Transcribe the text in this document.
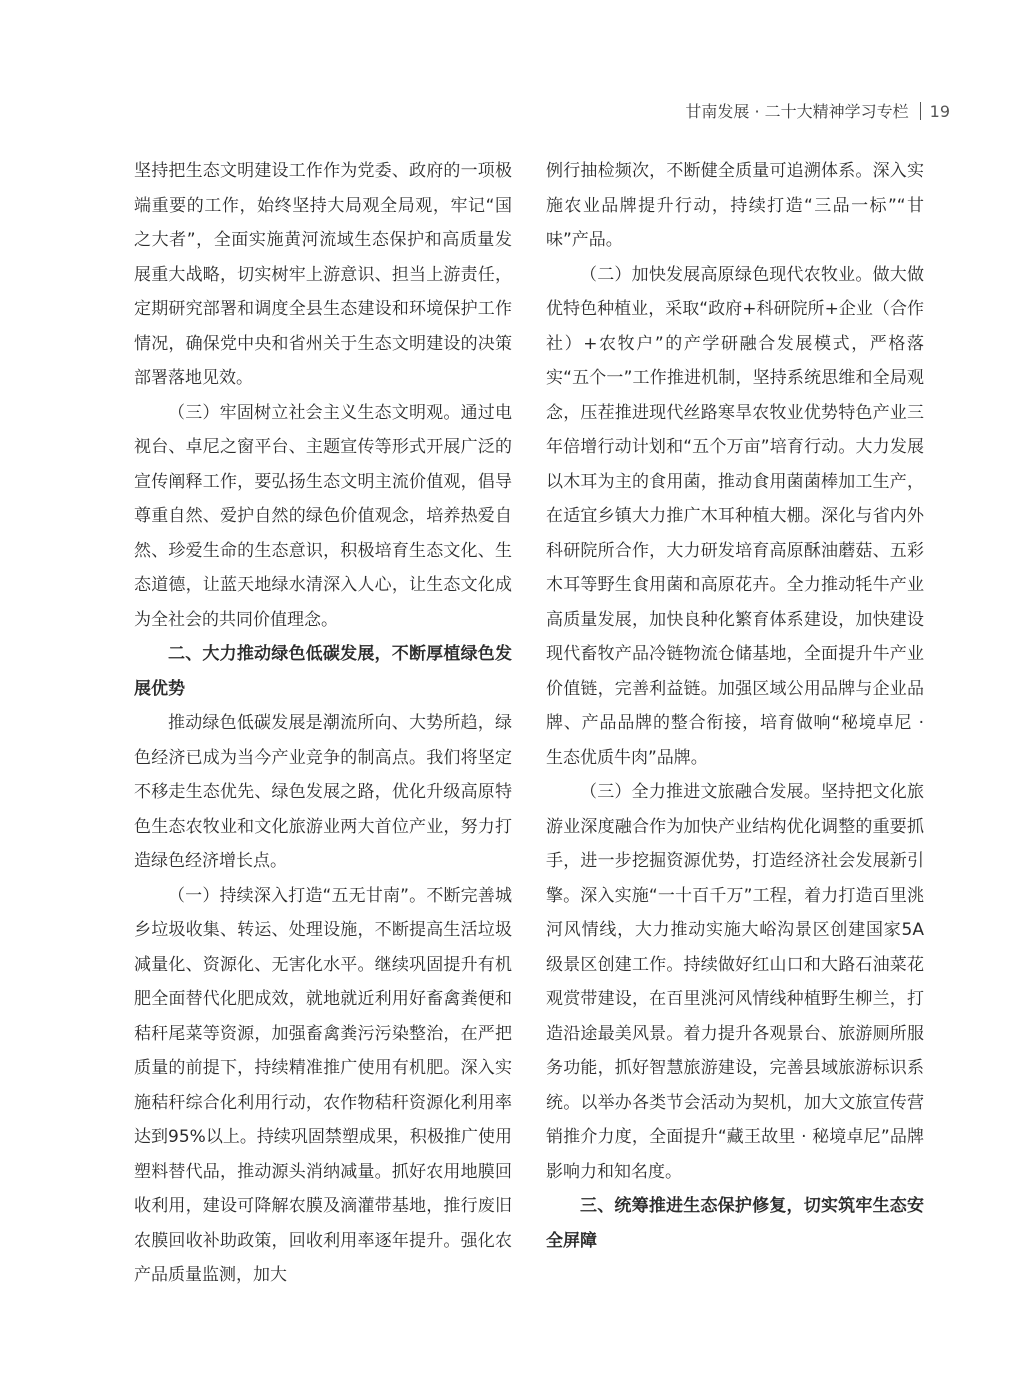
甘南发展 · 二十大精神学习专栏 19

坚持把生态文明建设工作作为党委、政府的一项极端重要的工作，始终坚持大局观全局观，牢记“国之大者”，全面实施黄河流域生态保护和高质量发展重大战略，切实树牢上游意识、担当上游责任，定期研究部署和调度全县生态建设和环境保护工作情况，确保党中央和省州关于生态文明建设的决策部署落地见效。

（三）牢固树立社会主义生态文明观。通过电视台、卓尼之窗平台、主题宣传等形式开展广泛的宣传阐释工作，要弘扬生态文明主流价值观，倡导尊重自然、爱护自然的绿色价值观念，培养热爱自然、珍爱生命的生态意识，积极培育生态文化、生态道德，让蓝天地绿水清深入人心，让生态文化成为全社会的共同价值理念。

二、大力推动绿色低碳发展，不断厚植绿色发展优势

推动绿色低碳发展是潮流所向、大势所趋，绿色经济已成为当今产业竞争的制高点。我们将坚定不移走生态优先、绿色发展之路，优化升级高原特色生态农牧业和文化旅游业两大首位产业，努力打造绿色经济增长点。

（一）持续深入打造“五无甘南”。不断完善城乡垃圾收集、转运、处理设施，不断提高生活垃圾减量化、资源化、无害化水平。继续巩固提升有机肥全面替代化肥成效，就地就近利用好畜禽粪便和秸秆尾菜等资源，加强畜禽粪污污染整治，在严把质量的前提下，持续精准推广使用有机肥。深入实施秸秆综合化利用行动，农作物秸秆资源化利用率达到95%以上。持续巩固禁塑成果，积极推广使用塑料替代品，推动源头消纳减量。抓好农用地膜回收利用，建设可降解农膜及滴灌带基地，推行废旧农膜回收补助政策，回收利用率逐年提升。强化农产品质量监测，加大

例行抽检频次，不断健全质量可追溯体系。深入实施农业品牌提升行动，持续打造“三品一标”“甘味”产品。

（二）加快发展高原绿色现代农牧业。做大做优特色种植业，采取“政府+科研院所+企业（合作社）+农牧户”的产学研融合发展模式，严格落实“五个一”工作推进机制，坚持系统思维和全局观念，压茬推进现代丝路寒旱农牧业优势特色产业三年倍增行动计划和“五个万亩”培育行动。大力发展以木耳为主的食用菌，推动食用菌菌棒加工生产，在适宜乡镇大力推广木耳种植大棚。深化与省内外科研院所合作，大力研发培育高原酥油蘑菇、五彩木耳等野生食用菌和高原花卉。全力推动牦牛产业高质量发展，加快良种化繁育体系建设，加快建设现代畜牧产品冷链物流仓储基地，全面提升牛产业价值链，完善利益链。加强区域公用品牌与企业品牌、产品品牌的整合衔接，培育做响“秘境卓尼 · 生态优质牛肉”品牌。

（三）全力推进文旅融合发展。坚持把文化旅游业深度融合作为加快产业结构优化调整的重要抓手，进一步挖掘资源优势，打造经济社会发展新引擎。深入实施“一十百千万”工程，着力打造百里洮河风情线，大力推动实施大峪沟景区创建国家5A级景区创建工作。持续做好红山口和大路石油菜花观赏带建设，在百里洮河风情线种植野生柳兰，打造沿途最美风景。着力提升各观景台、旅游厕所服务功能，抓好智慧旅游建设，完善县域旅游标识系统。以举办各类节会活动为契机，加大文旅宣传营销推介力度，全面提升“藏王故里 · 秘境卓尼”品牌影响力和知名度。

三、统筹推进生态保护修复，切实筑牢生态安全屏障
